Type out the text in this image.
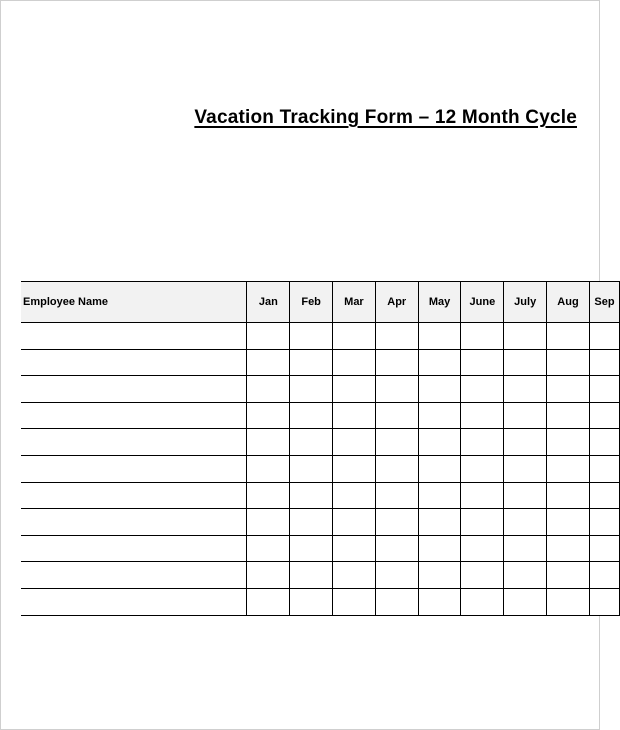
Vacation Tracking Form – 12 Month Cycle
Employee Name	Jan	Feb	Mar	Apr	May	June	July	Aug	Sep
